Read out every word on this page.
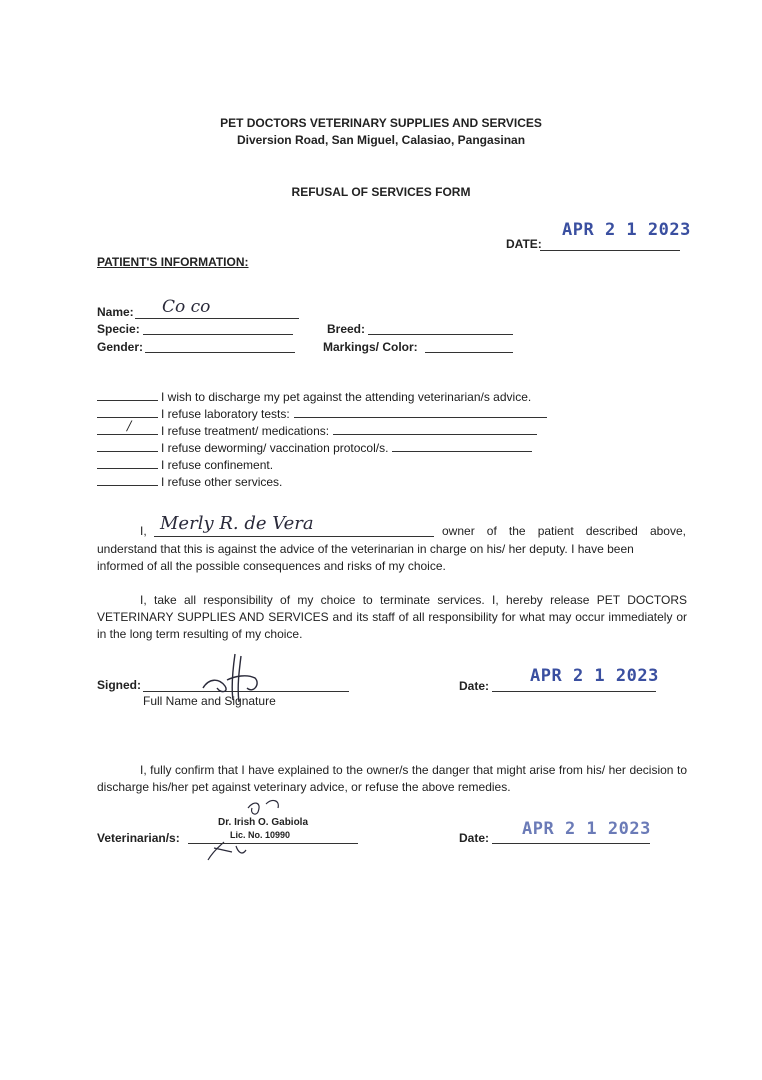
PET DOCTORS VETERINARY SUPPLIES AND SERVICES
Diversion Road, San Miguel, Calasiao, Pangasinan
REFUSAL OF SERVICES FORM
APR 2 1 2023
DATE:
PATIENT'S INFORMATION:
Name: Co co
Specie:	Breed:
Gender:	Markings/ Color:
I wish to discharge my pet against the attending veterinarian/s advice.
I refuse laboratory tests:
/ I refuse treatment/ medications:
I refuse deworming/ vaccination protocol/s.
I refuse confinement.
I refuse other services.
I, Merly R. de Vera	owner of the patient described above,
understand that this is against the advice of the veterinarian in charge on his/ her deputy. I have been
informed of all the possible consequences and risks of my choice.
I, take all responsibility of my choice to terminate services. I, hereby release PET DOCTORS VETERINARY SUPPLIES AND SERVICES and its staff of all responsibility for what may occur immediately or in the long term resulting of my choice.
Signed:
Full Name and Signature
Date: APR 2 1 2023
I, fully confirm that I have explained to the owner/s the danger that might arise from his/ her decision to discharge his/her pet against veterinary advice, or refuse the above remedies.
Dr. Irish O. Gabiola
Lic. No. 10990
Veterinarian/s:	Date: APR 2 1 2023
